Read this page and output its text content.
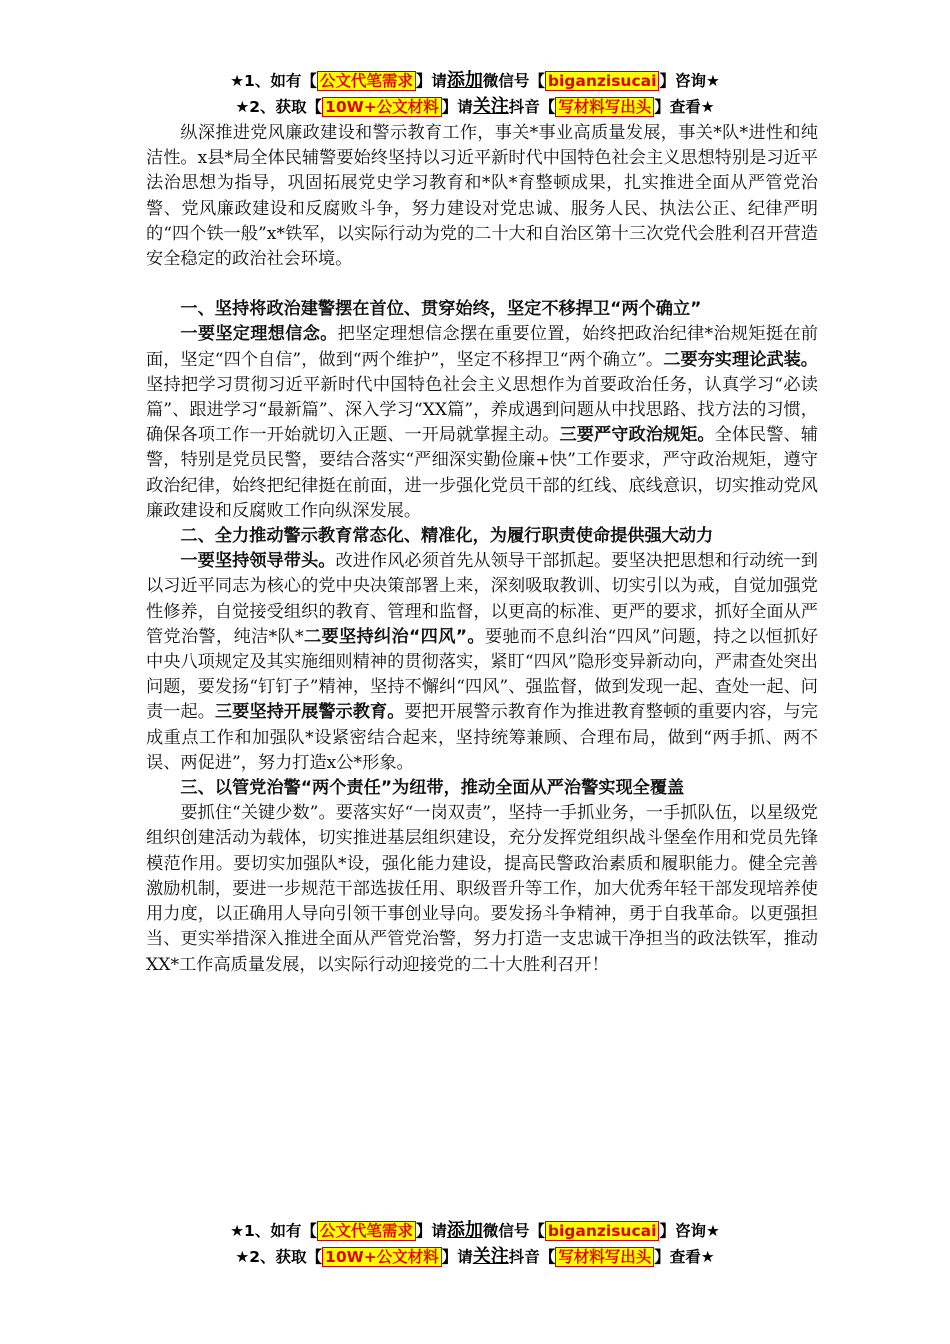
★1、如有【 公文代笔需求 】请添加微信号【 biganzisucai 】咨询★
★2、获取【 10W+公文材料 】请关注抖音【 写材料写出头 】查看★

纵深推进党风廉政建设和警示教育工作，事关*事业高质量发展，事关*队*进性和纯洁性。x县*局全体民辅警要始终坚持以习近平新时代中国特色社会主义思想特别是习近平法治思想为指导，巩固拓展党史学习教育和*队*育整顿成果，扎实推进全面从严管党治警、党风廉政建设和反腐败斗争，努力建设对党忠诚、服务人民、执法公正、纪律严明的“四个铁一般”x*铁军，以实际行动为党的二十大和自治区第十三次党代会胜利召开营造安全稳定的政治社会环境。

一、坚持将政治建警摆在首位、贯穿始终，坚定不移捍卫“两个确立”

一要坚定理想信念。把坚定理想信念摆在重要位置，始终把政治纪律*治规矩挺在前面，坚定“四个自信”，做到“两个维护”，坚定不移捍卫“两个确立”。二要夯实理论武装。坚持把学习贯彻习近平新时代中国特色社会主义思想作为首要政治任务，认真学习“必读篇”、跟进学习“最新篇”、深入学习“XX篇”，养成遇到问题从中找思路、找方法的习惯，确保各项工作一开始就切入正题、一开局就掌握主动。三要严守政治规矩。全体民警、辅警，特别是党员民警，要结合落实“严细深实勤俭廉+快”工作要求，严守政治规矩，遵守政治纪律，始终把纪律挺在前面，进一步强化党员干部的红线、底线意识，切实推动党风廉政建设和反腐败工作向纵深发展。

二、全力推动警示教育常态化、精准化，为履行职责使命提供强大动力

一要坚持领导带头。改进作风必须首先从领导干部抓起。要坚决把思想和行动统一到以习近平同志为核心的党中央决策部署上来，深刻吸取教训、切实引以为戒，自觉加强党性修养，自觉接受组织的教育、管理和监督，以更高的标准、更严的要求，抓好全面从严管党治警，纯洁*队*二要坚持纠治“四风”。要驰而不息纠治“四风”问题，持之以恒抓好中央八项规定及其实施细则精神的贯彻落实，紧盯“四风”隐形变异新动向，严肃查处突出问题，要发扬“钉钉子”精神，坚持不懈纠“四风”、强监督，做到发现一起、查处一起、问责一起。三要坚持开展警示教育。要把开展警示教育作为推进教育整顿的重要内容，与完成重点工作和加强队*设紧密结合起来，坚持统筹兼顾、合理布局，做到“两手抓、两不误、两促进”，努力打造x公*形象。

三、以管党治警“两个责任”为纽带，推动全面从严治警实现全覆盖

要抓住“关键少数”。要落实好“一岗双责”，坚持一手抓业务，一手抓队伍，以星级党组织创建活动为载体，切实推进基层组织建设，充分发挥党组织战斗堡垒作用和党员先锋模范作用。要切实加强队*设，强化能力建设，提高民警政治素质和履职能力。健全完善激励机制，要进一步规范干部选拔任用、职级晋升等工作，加大优秀年轻干部发现培养使用力度，以正确用人导向引领干事创业导向。要发扬斗争精神，勇于自我革命。以更强担当、更实举措深入推进全面从严管党治警，努力打造一支忠诚干净担当的政法铁军，推动XX*工作高质量发展，以实际行动迎接党的二十大胜利召开！

★1、如有【 公文代笔需求 】请添加微信号【 biganzisucai 】咨询★
★2、获取【 10W+公文材料 】请关注抖音【 写材料写出头 】查看★
